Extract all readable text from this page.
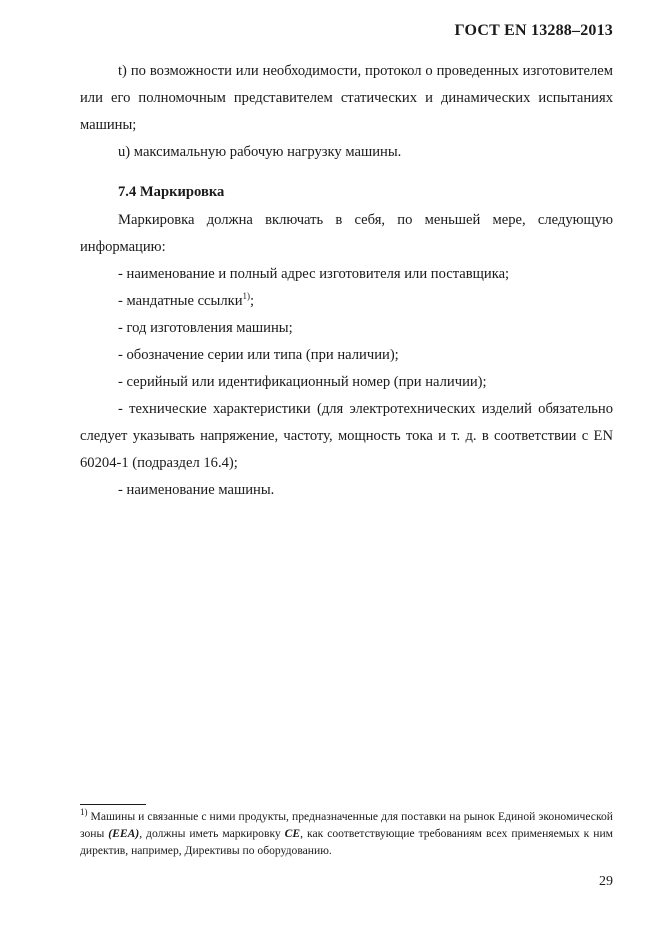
ГОСТ EN 13288–2013

t) по возможности или необходимости, протокол о проведенных изготовителем или его полномочным представителем статических и динамических испытаниях машины;

u) максимальную рабочую нагрузку машины.

7.4 Маркировка

Маркировка должна включать в себя, по меньшей мере, следующую информацию:

- наименование и полный адрес изготовителя или поставщика;

- мандатные ссылки$^{1)}$;

- год изготовления машины;

- обозначение серии или типа (при наличии);

- серийный или идентификационный номер (при наличии);

- технические характеристики (для электротехнических изделий обязательно следует указывать напряжение, частоту, мощность тока и т. д. в соответствии с EN 60204-1 (подраздел 16.4);

- наименование машины.

$^{1)}$ Машины и связанные с ними продукты, предназначенные для поставки на рынок Единой экономической зоны (EEA), должны иметь маркировку CE, как соответствующие требованиям всех применяемых к ним директив, например, Директивы по оборудованию.
29
